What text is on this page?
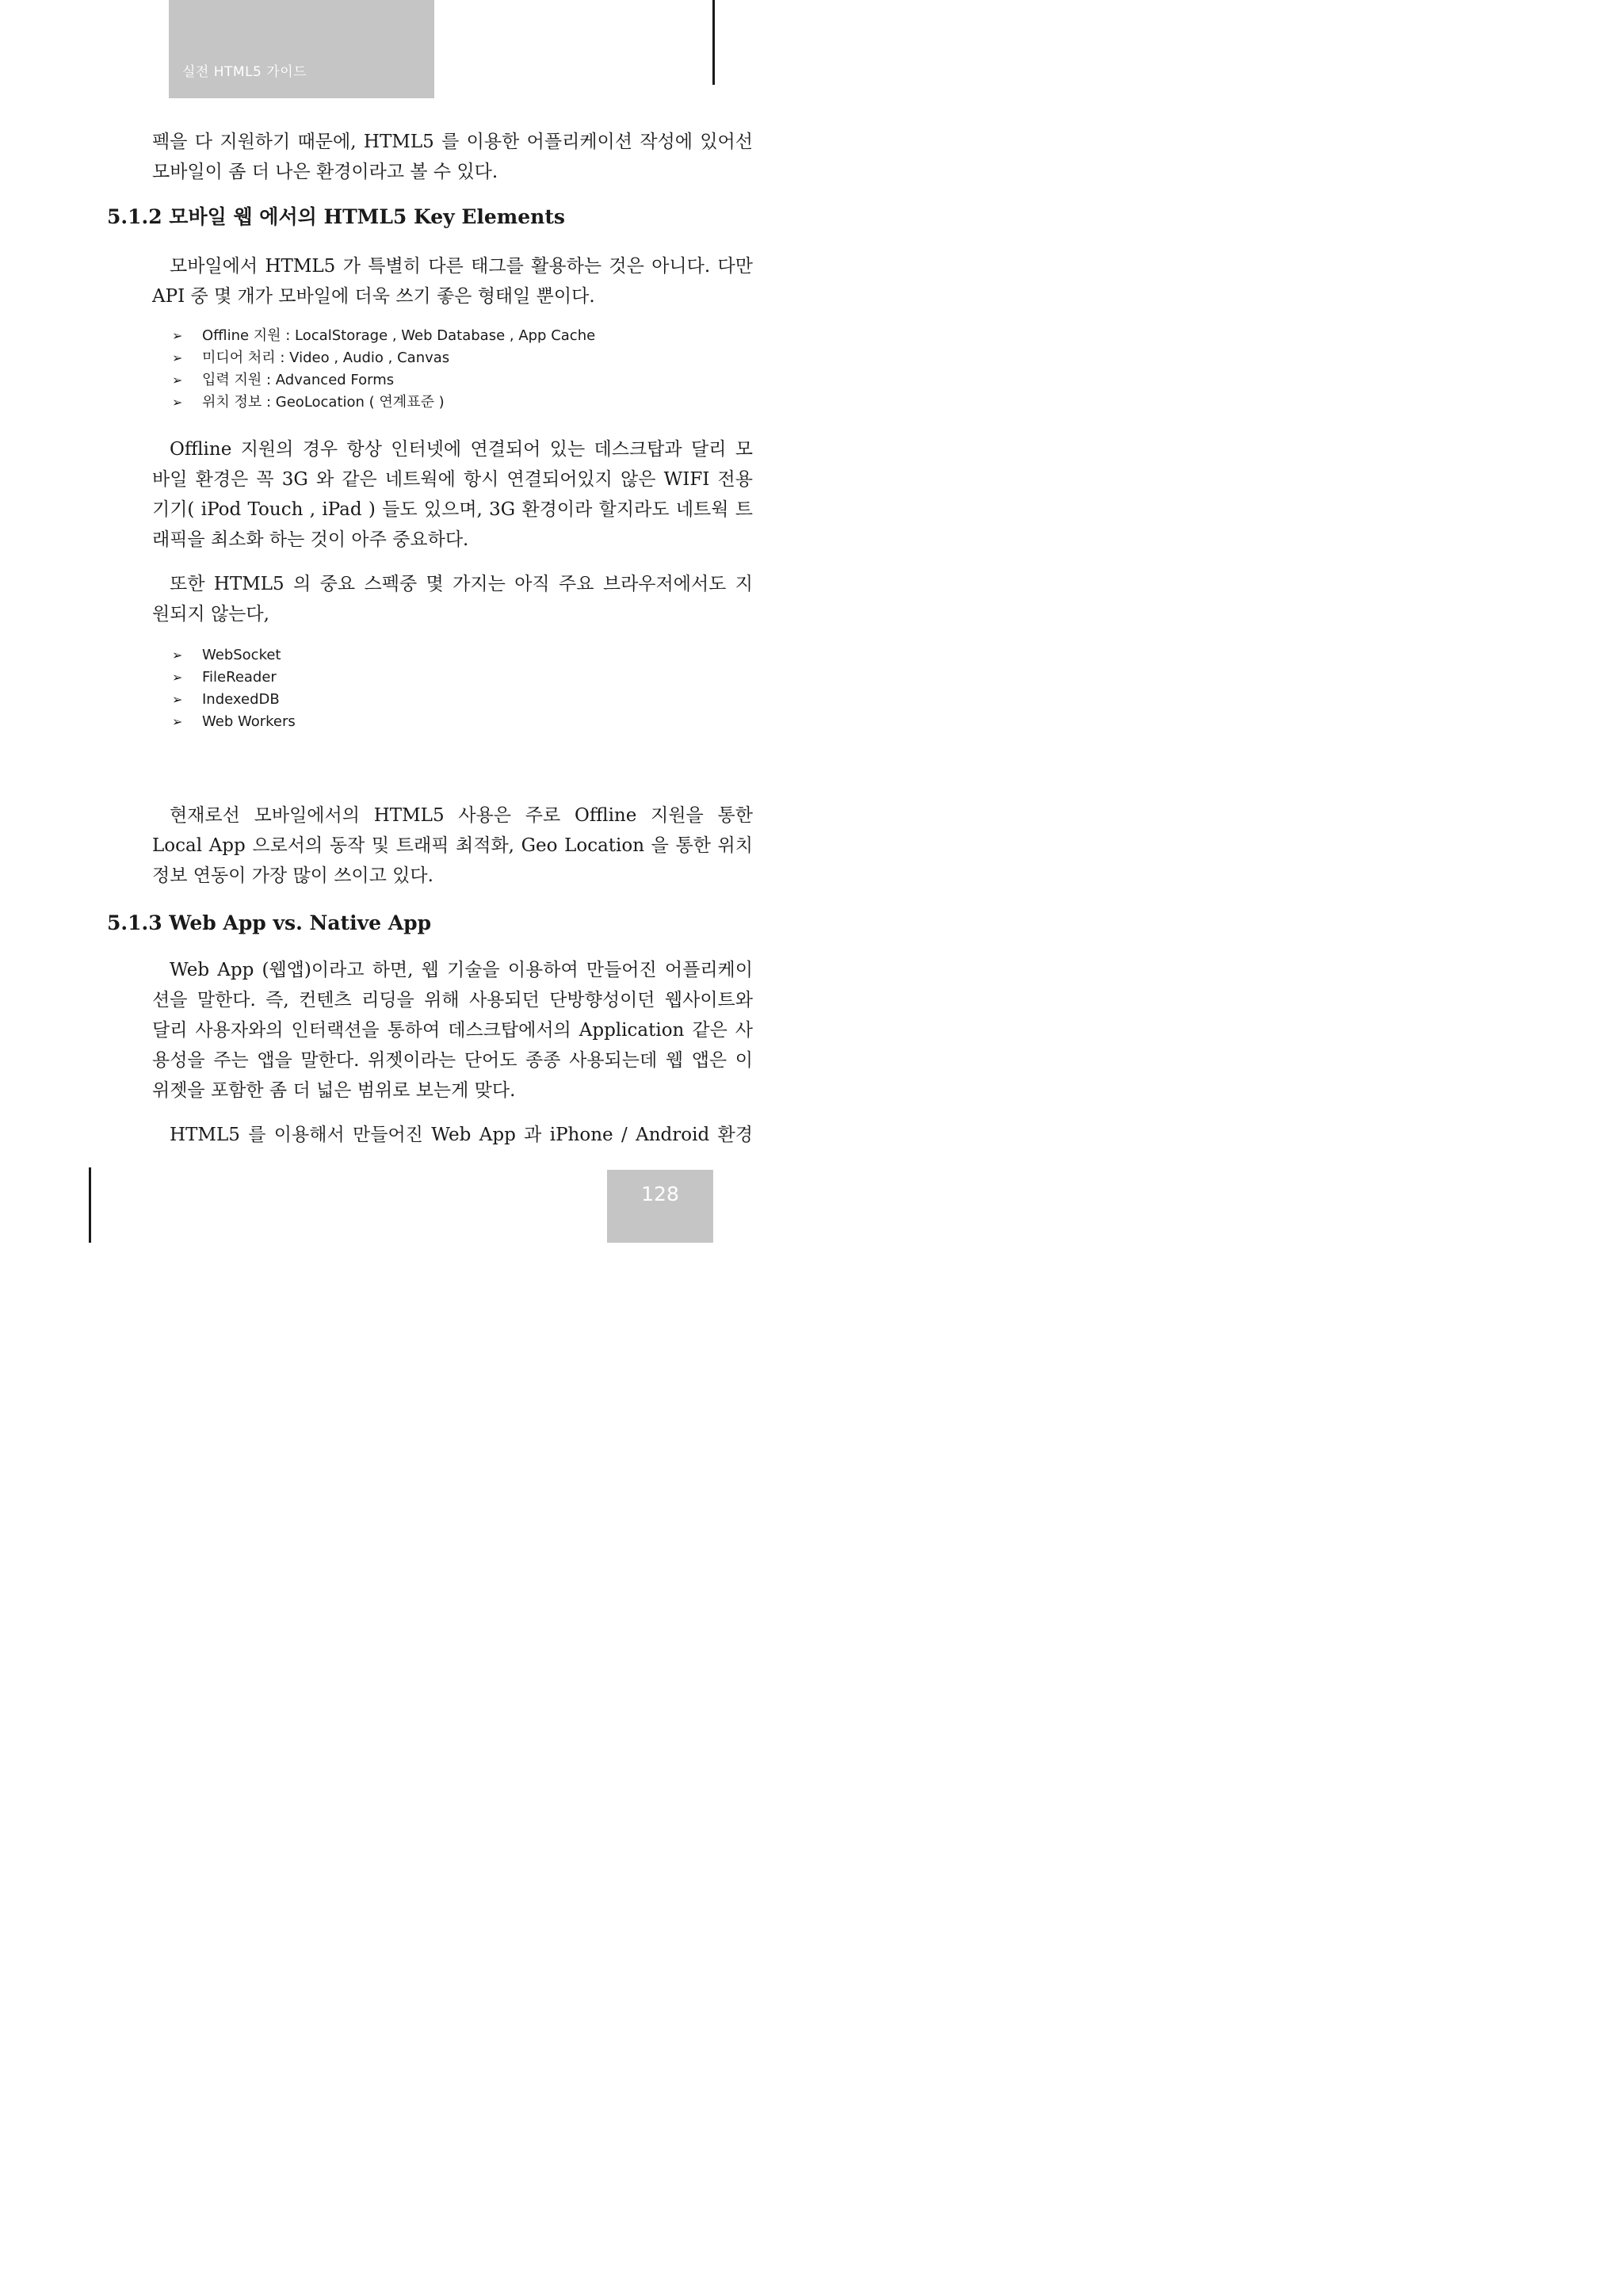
실전 HTML5 가이드
펙을 다 지원하기 때문에, HTML5 를 이용한 어플리케이션 작성에 있어선
모바일이 좀 더 나은 환경이라고 볼 수 있다.
5.1.2 모바일 웹 에서의 HTML5 Key Elements
모바일에서 HTML5 가 특별히 다른 태그를 활용하는 것은 아니다. 다만
API 중 몇 개가 모바일에 더욱 쓰기 좋은 형태일 뿐이다.
➢ Offline 지원 : LocalStorage , Web Database , App Cache
➢ 미디어 처리 : Video , Audio , Canvas
➢ 입력 지원 : Advanced Forms
➢ 위치 정보 : GeoLocation ( 연계표준 )
Offline 지원의 경우 항상 인터넷에 연결되어 있는 데스크탑과 달리 모
바일 환경은 꼭 3G 와 같은 네트웍에 항시 연결되어있지 않은 WIFI 전용
기기( iPod Touch , iPad ) 들도 있으며, 3G 환경이라 할지라도 네트웍 트
래픽을 최소화 하는 것이 아주 중요하다.
또한 HTML5 의 중요 스펙중 몇 가지는 아직 주요 브라우저에서도 지
원되지 않는다,
➢ WebSocket
➢ FileReader
➢ IndexedDB
➢ Web Workers
현재로선 모바일에서의 HTML5 사용은 주로 Offline 지원을 통한
Local App 으로서의 동작 및 트래픽 최적화, Geo Location 을 통한 위치
정보 연동이 가장 많이 쓰이고 있다.
5.1.3 Web App vs. Native App
Web App (웹앱)이라고 하면, 웹 기술을 이용하여 만들어진 어플리케이
션을 말한다. 즉, 컨텐츠 리딩을 위해 사용되던 단방향성이던 웹사이트와
달리 사용자와의 인터랙션을 통하여 데스크탑에서의 Application 같은 사
용성을 주는 앱을 말한다. 위젯이라는 단어도 종종 사용되는데 웹 앱은 이
위젯을 포함한 좀 더 넓은 범위로 보는게 맞다.
HTML5 를 이용해서 만들어진 Web App 과 iPhone / Android 환경
128
